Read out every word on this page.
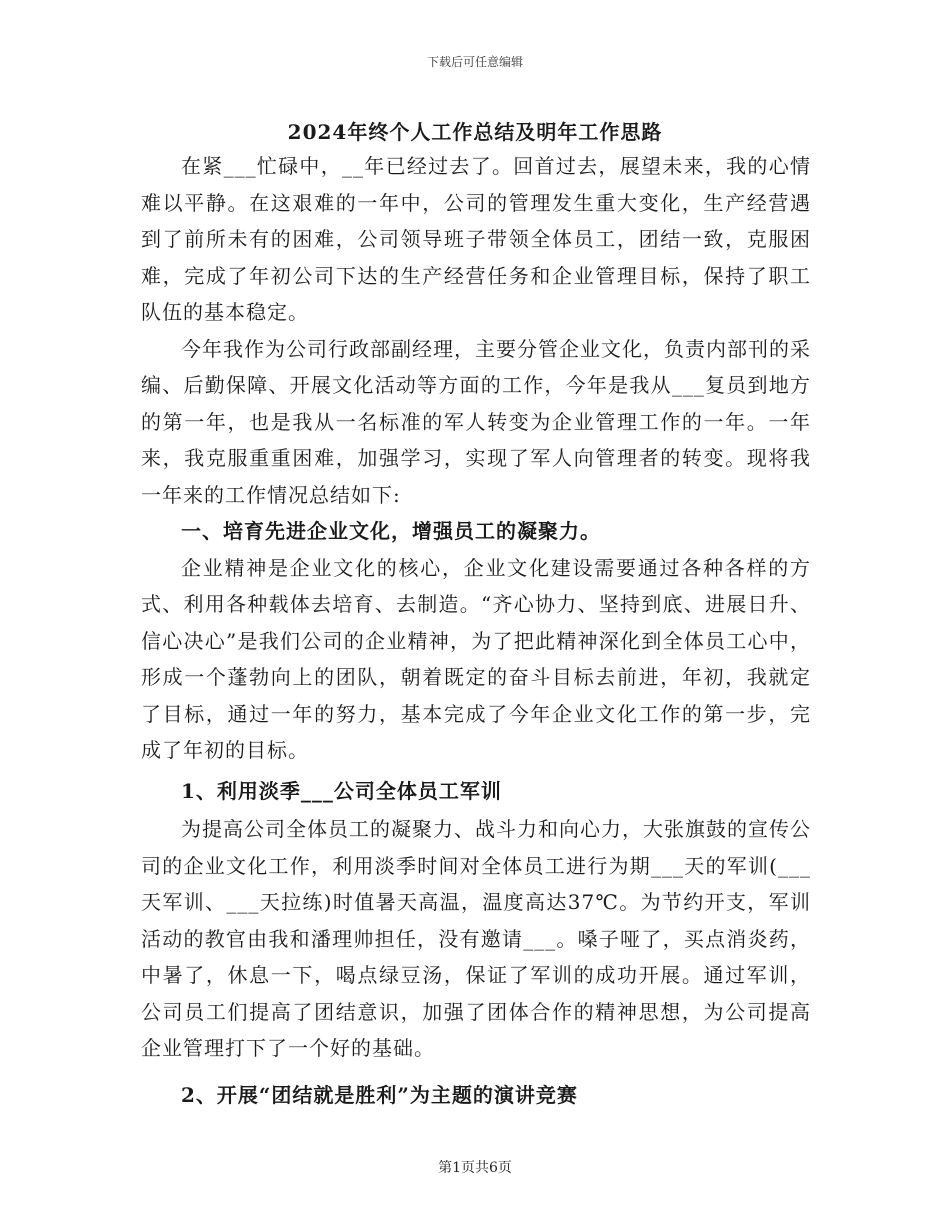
下载后可任意编辑
2024年终个人工作总结及明年工作思路

在紧___忙碌中，__年已经过去了。回首过去，展望未来，我的心情难以平静。在这艰难的一年中，公司的管理发生重大变化，生产经营遇到了前所未有的困难，公司领导班子带领全体员工，团结一致，克服困难，完成了年初公司下达的生产经营任务和企业管理目标，保持了职工队伍的基本稳定。

今年我作为公司行政部副经理，主要分管企业文化，负责内部刊的采编、后勤保障、开展文化活动等方面的工作，今年是我从___复员到地方的第一年，也是我从一名标准的军人转变为企业管理工作的一年。一年来，我克服重重困难，加强学习，实现了军人向管理者的转变。现将我一年来的工作情况总结如下:

一、培育先进企业文化，增强员工的凝聚力。

企业精神是企业文化的核心，企业文化建设需要通过各种各样的方式、利用各种载体去培育、去制造。“齐心协力、坚持到底、进展日升、信心决心”是我们公司的企业精神，为了把此精神深化到全体员工心中，形成一个蓬勃向上的团队，朝着既定的奋斗目标去前进，年初，我就定了目标，通过一年的努力，基本完成了今年企业文化工作的第一步，完成了年初的目标。

1、利用淡季___公司全体员工军训

为提高公司全体员工的凝聚力、战斗力和向心力，大张旗鼓的宣传公司的企业文化工作，利用淡季时间对全体员工进行为期___天的军训(___天军训、___天拉练)时值暑天高温，温度高达37℃。为节约开支，军训活动的教官由我和潘理帅担任，没有邀请___。嗓子哑了，买点消炎药，中暑了，休息一下，喝点绿豆汤，保证了军训的成功开展。通过军训，公司员工们提高了团结意识，加强了团体合作的精神思想，为公司提高企业管理打下了一个好的基础。

2、开展“团结就是胜利”为主题的演讲竞赛
第1页共6页
